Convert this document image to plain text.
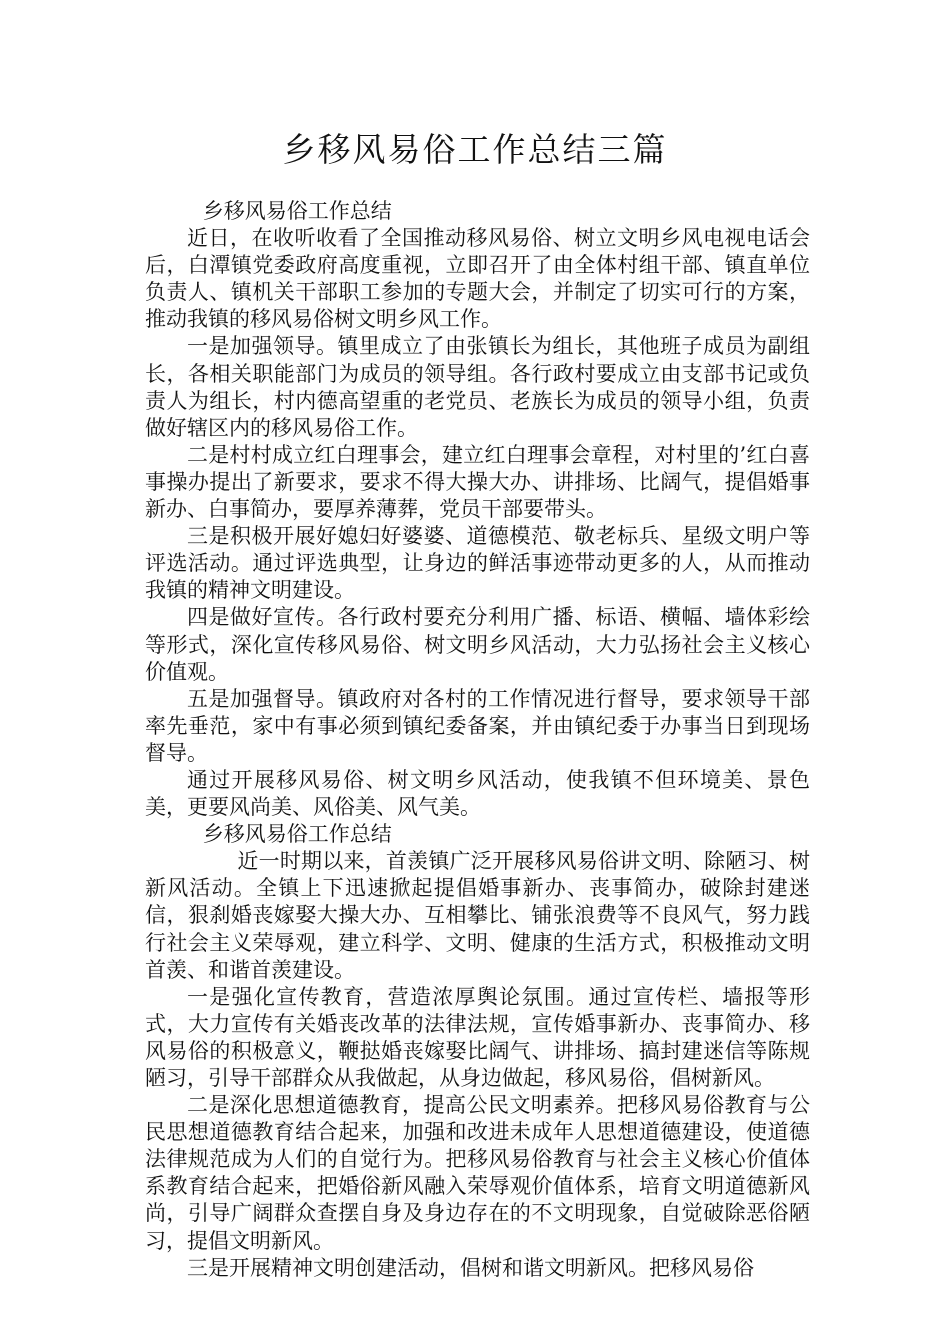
乡移风易俗工作总结三篇

乡移风易俗工作总结

近日，在收听收看了全国推动移风易俗、树立文明乡风电视电话会后，白潭镇党委政府高度重视，立即召开了由全体村组干部、镇直单位负责人、镇机关干部职工参加的专题大会，并制定了切实可行的方案，推动我镇的移风易俗树文明乡风工作。

一是加强领导。镇里成立了由张镇长为组长，其他班子成员为副组长，各相关职能部门为成员的领导组。各行政村要成立由支部书记或负责人为组长，村内德高望重的老党员、老族长为成员的领导小组，负责做好辖区内的移风易俗工作。

二是村村成立红白理事会，建立红白理事会章程，对村里的’红白喜事操办提出了新要求，要求不得大操大办、讲排场、比阔气，提倡婚事新办、白事简办，要厚养薄葬，党员干部要带头。

三是积极开展好媳妇好婆婆、道德模范、敬老标兵、星级文明户等评选活动。通过评选典型，让身边的鲜活事迹带动更多的人，从而推动我镇的精神文明建设。

四是做好宣传。各行政村要充分利用广播、标语、横幅、墙体彩绘等形式，深化宣传移风易俗、树文明乡风活动，大力弘扬社会主义核心价值观。

五是加强督导。镇政府对各村的工作情况进行督导，要求领导干部率先垂范，家中有事必须到镇纪委备案，并由镇纪委于办事当日到现场督导。

通过开展移风易俗、树文明乡风活动，使我镇不但环境美、景色美，更要风尚美、风俗美、风气美。

乡移风易俗工作总结

近一时期以来，首羡镇广泛开展移风易俗讲文明、除陋习、树新风活动。全镇上下迅速掀起提倡婚事新办、丧事简办，破除封建迷信，狠刹婚丧嫁娶大操大办、互相攀比、铺张浪费等不良风气，努力践行社会主义荣辱观，建立科学、文明、健康的生活方式，积极推动文明首羡、和谐首羡建设。

一是强化宣传教育，营造浓厚舆论氛围。通过宣传栏、墙报等形式，大力宣传有关婚丧改革的法律法规，宣传婚事新办、丧事简办、移风易俗的积极意义，鞭挞婚丧嫁娶比阔气、讲排场、搞封建迷信等陈规陋习，引导干部群众从我做起，从身边做起，移风易俗，倡树新风。

二是深化思想道德教育，提高公民文明素养。把移风易俗教育与公民思想道德教育结合起来，加强和改进未成年人思想道德建设，使道德法律规范成为人们的自觉行为。把移风易俗教育与社会主义核心价值体系教育结合起来，把婚俗新风融入荣辱观价值体系，培育文明道德新风尚，引导广阔群众查摆自身及身边存在的不文明现象，自觉破除恶俗陋习，提倡文明新风。

三是开展精神文明创建活动，倡树和谐文明新风。把移风易俗
